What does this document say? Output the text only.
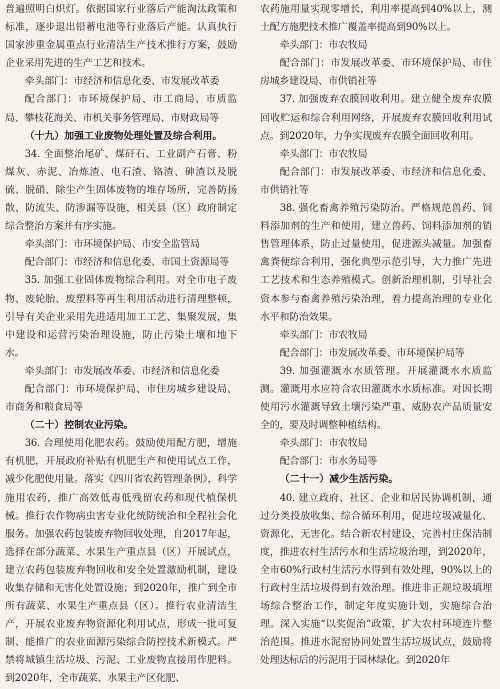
普遍照明白炽灯。依据国家行业落后产能淘汰政策和标准，逐步退出铅蓄电池等行业落后产能。认真执行国家涉重金属重点行业清洁生产技术推行方案，鼓励企业采用先进的生产工艺和技术。

牵头部门：市经济和信息化委、市发展改革委

配合部门：市环境保护局、市工商局、市质监局、攀枝花海关、市机关事务管理局、市财政局等

（十九）加强工业废物处理处置及综合利用。

34. 全面整治尾矿、煤矸石、工业副产石膏、粉煤灰、赤泥、冶炼渣、电石渣、铬渣、砷渣以及脱硫、脱硝、除尘产生固体废物的堆存场所，完善防扬散、防流失、防渗漏等设施，相关县（区）政府制定综合整治方案并有序实施。

牵头部门：市环境保护局、市安全监管局

配合部门：市经济和信息化委、市国土资源局等

35. 加强工业固体废物综合利用。对全市电子废物、废轮胎、废塑料等再生利用活动进行清理整顿，引导有关企业采用先进适用加工工艺、集聚发展，集中建设和运营污染治理设施，防止污染土壤和地下水。

牵头部门：市发展改革委、市经济和信息化委

配合部门：市环境保护局、市住房城乡建设局、市商务和粮食局等

（二十）控制农业污染。

36. 合理使用化肥农药。鼓励使用配方肥，增施有机肥，开展政府补贴有机肥生产和使用试点工作，减少化肥使用量。落实《四川省农药管理条例》，科学施用农药，推广高效低毒低残留农药和现代植保机械。推行农作物病虫害专业化统防统治和全程社会化服务。加强农药包装废弃物回收处理，自2017年起，选择在部分蔬菜、水果生产重点县（区）开展试点，建立农药包装废弃物回收和安全处置激励机制，建设收集存储和无害化处置设施；到2020年，推广到全市所有蔬菜、水果生产重点县（区）。推行农业清洁生产，开展农业废弃物资源化利用试点，形成一批可复制、能推广的农业面源污染综合防控技术新模式。严禁将城镇生活垃圾、污泥、工业废物直接用作肥料。到2020年，全市蔬菜、水果主产区化肥、

农药施用量实现零增长，利用率提高到40%以上，测土配方施肥技术推广覆盖率提高到90%以上。

牵头部门：市农牧局

配合部门：市发展改革委、市环境保护局、市住房城乡建设局、市供销社等

37. 加强废弃农膜回收利用。建立健全废弃农膜回收贮运和综合利用网络，开展废弃农膜回收利用试点。到2020年，力争实现废弃农膜全面回收利用。

牵头部门：市农牧局

配合部门：市发展改革委、市经济和信息化委、市供销社等

38. 强化畜禽养殖污染防治。严格规范兽药、饲料添加剂的生产和使用，建立兽药、饲料添加剂的销售管理体系，防止过量使用，促进源头减量。加强畜禽粪便综合利用，强化典型示范引导，大力推广先进工艺技术和生态养殖模式。创新治理机制，引导社会资本参与畜禽养殖污染治理，着力提高治理的专业化水平和防治效果。

牵头部门：市农牧局

配合部门：市发展改革委、市环境保护局等

39. 加强灌溉水水质管理。开展灌溉水水质监测。灌溉用水应符合农田灌溉水水质标准。对因长期使用污水灌溉导致土壤污染严重、威胁农产品质量安全的，要及时调整种植结构。

牵头部门：市农牧局

配合部门：市水务局等

（二十一）减少生活污染。

40. 建立政府、社区、企业和居民协调机制，通过分类投放收集、综合循环利用，促进垃圾减量化、资源化、无害化。结合新农村建设，完善村庄保洁制度，推进农村生活污水和生活垃圾治理，到2020年，全市60%行政村生活污水得到有效处理，90%以上的行政村生活垃圾得到有效治理。推进非正规垃圾填埋场综合整治工作，制定年度实施计划，实施综合治理。深入实施“以奖促治”政策，扩大农村环境连片整治范围。推进水泥窑协同处置生活垃圾试点，鼓励将处理达标后的污泥用于园林绿化。到2020年
